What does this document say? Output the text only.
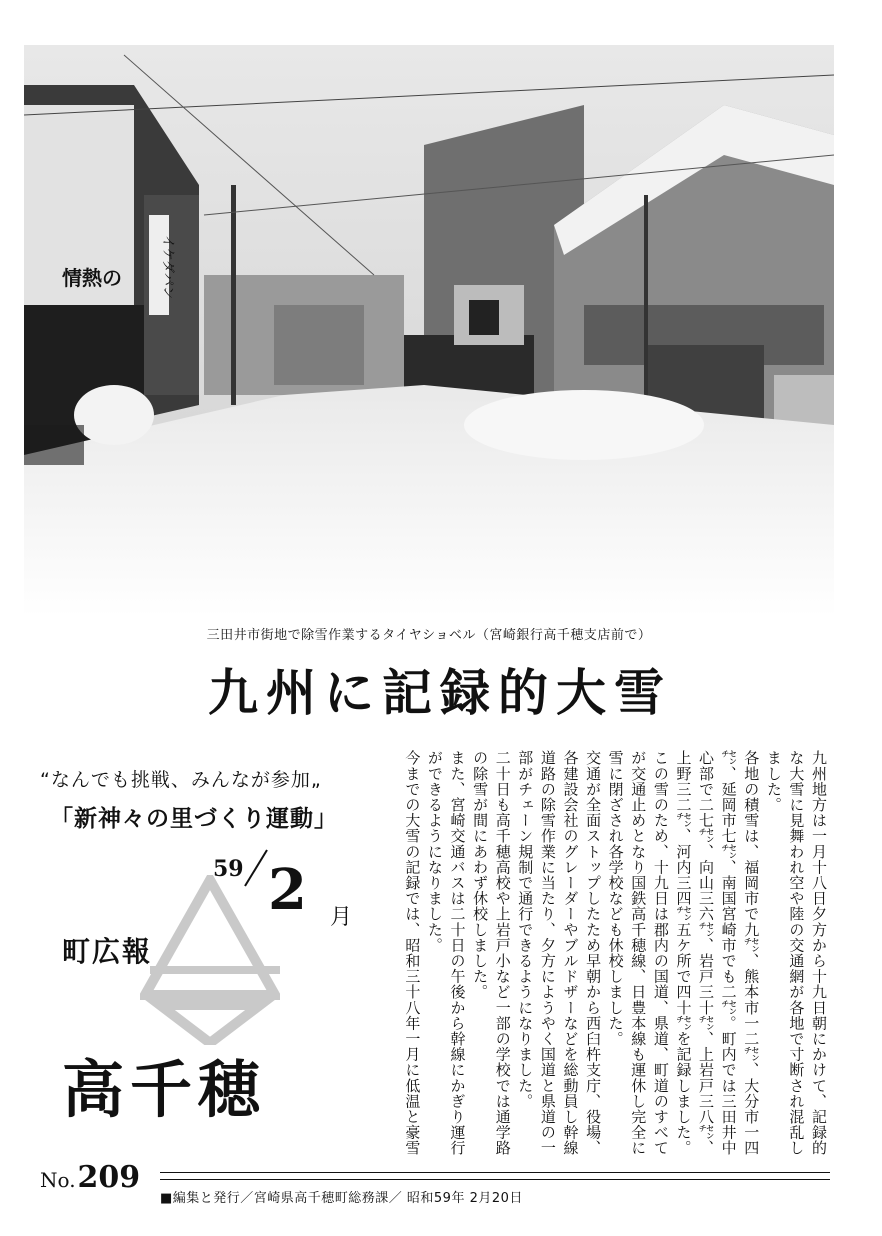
イケダパン
情熱の
三田井市街地で除雪作業するタイヤショベル（宮崎銀行高千穂支店前で）
九州に記録的大雪
“なんでも挑戦、みんなが参加„
「新神々の里づくり運動」
59 2 月
町広報
高千穂
No.209
■編集と発行／宮崎県高千穂町総務課／ 昭和59年 2月20日

九州地方は一月十八日夕方から十九日朝にかけて、記録的な大雪に見舞われ空や陸の交通網が各地で寸断され混乱しました。

各地の積雪は、福岡市で九㌢、熊本市一二㌢、大分市一四㌢、延岡市七㌢、南国宮崎市でも二㌢。町内では三田井中心部で二七㌢、向山三六㌢、岩戸三十㌢、上岩戸三八㌢、上野三二㌢、河内三四㌢五ケ所で四十㌢を記録しました。

この雪のため、十九日は郡内の国道、県道、町道のすべてが交通止めとなり国鉄高千穂線、日豊本線も運休し完全に雪に閉ざされ各学校なども休校しました。

交通が全面ストップしたため早朝から西臼杵支庁、役場、各建設会社のグレーダーやブルドザーなどを総動員し幹線道路の除雪作業に当たり、夕方にようやく国道と県道の一部がチェーン規制で通行できるようになりました。

二十日も高千穂高校や上岩戸小など一部の学校では通学路の除雪が間にあわず休校しました。

また、宮崎交通バスは二十日の午後から幹線にかぎり運行ができるようになりました。

今までの大雪の記録では、昭和三十八年一月に低温と豪雪
